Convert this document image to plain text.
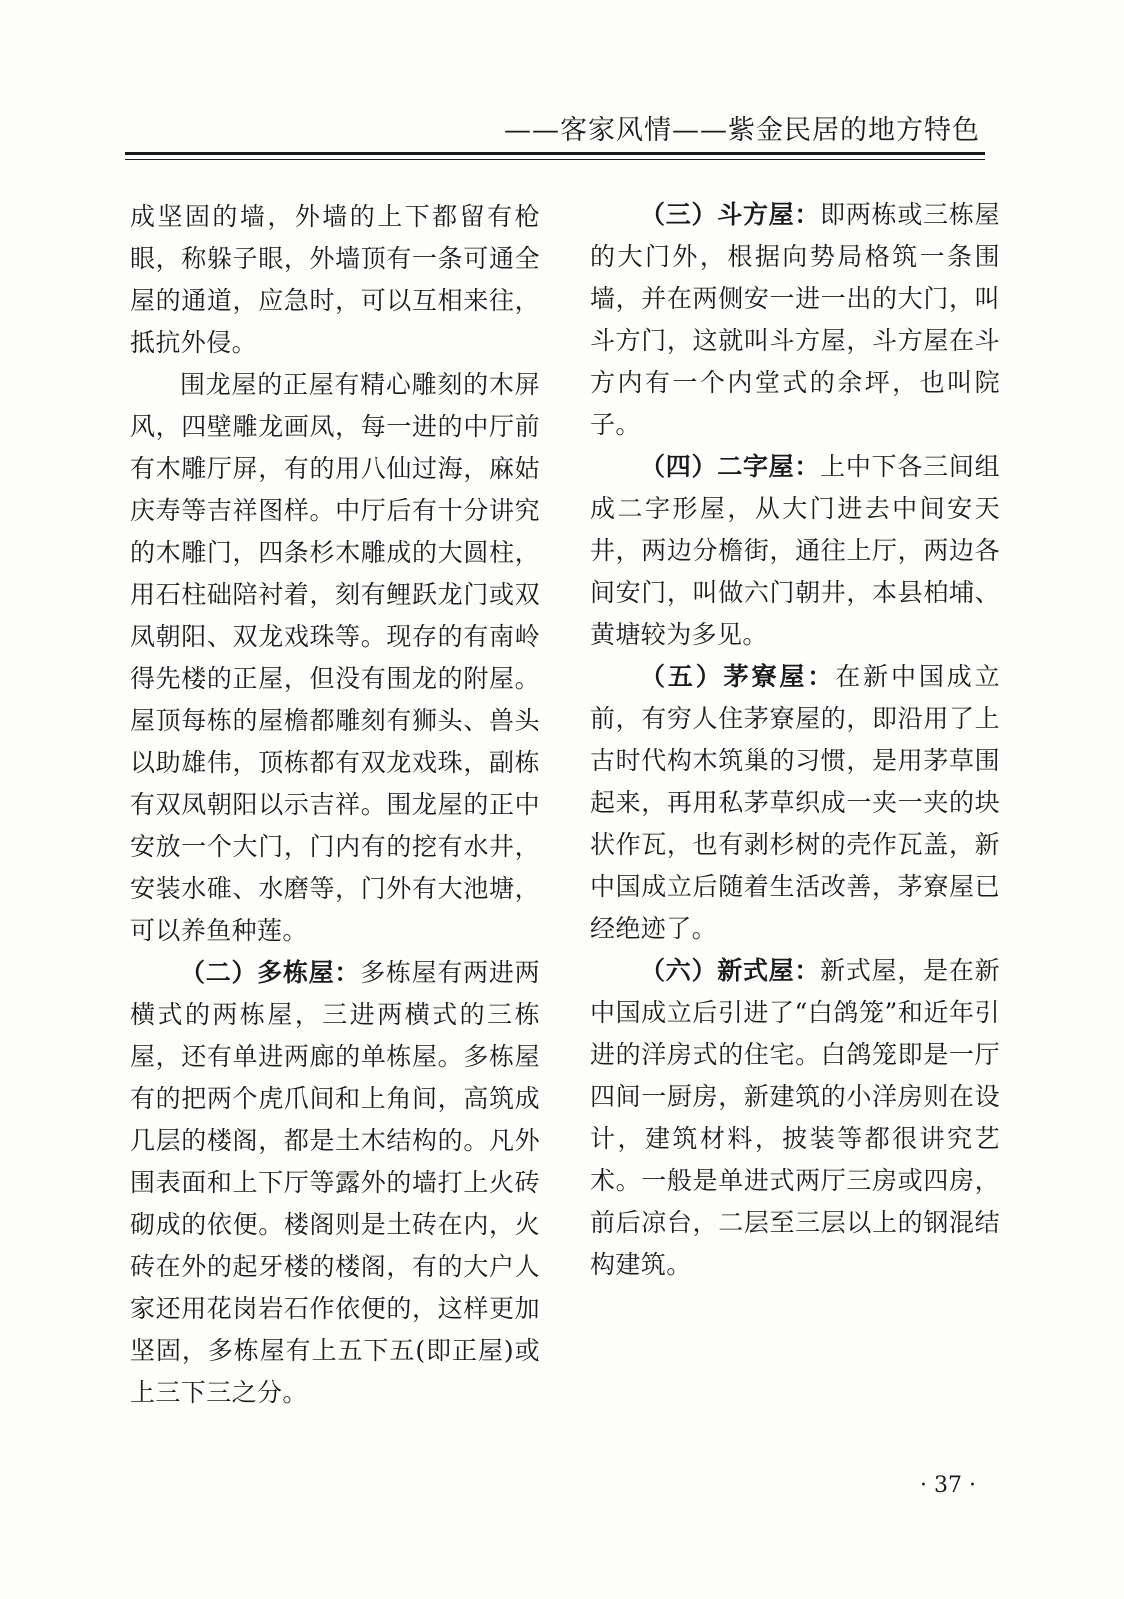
——客家风情——紫金民居的地方特色

成坚固的墙，外墙的上下都留有枪眼，称躲子眼，外墙顶有一条可通全屋的通道，应急时，可以互相来往，抵抗外侵。

围龙屋的正屋有精心雕刻的木屏风，四壁雕龙画凤，每一进的中厅前有木雕厅屏，有的用八仙过海，麻姑庆寿等吉祥图样。中厅后有十分讲究的木雕门，四条杉木雕成的大圆柱，用石柱础陪衬着，刻有鲤跃龙门或双凤朝阳、双龙戏珠等。现存的有南岭得先楼的正屋，但没有围龙的附屋。屋顶每栋的屋檐都雕刻有狮头、兽头以助雄伟，顶栋都有双龙戏珠，副栋有双凤朝阳以示吉祥。围龙屋的正中安放一个大门，门内有的挖有水井，安装水碓、水磨等，门外有大池塘，可以养鱼种莲。

（二）多栋屋：多栋屋有两进两横式的两栋屋，三进两横式的三栋屋，还有单进两廊的单栋屋。多栋屋有的把两个虎爪间和上角间，高筑成几层的楼阁，都是土木结构的。凡外围表面和上下厅等露外的墙打上火砖砌成的依便。楼阁则是土砖在内，火砖在外的起牙楼的楼阁，有的大户人家还用花岗岩石作依便的，这样更加坚固，多栋屋有上五下五(即正屋)或上三下三之分。

（三）斗方屋：即两栋或三栋屋的大门外，根据向势局格筑一条围墙，并在两侧安一进一出的大门，叫斗方门，这就叫斗方屋，斗方屋在斗方内有一个内堂式的余坪，也叫院子。

（四）二字屋：上中下各三间组成二字形屋，从大门进去中间安天井，两边分檐街，通往上厅，两边各间安门，叫做六门朝井，本县柏埔、黄塘较为多见。

（五）茅寮屋：在新中国成立前，有穷人住茅寮屋的，即沿用了上古时代构木筑巢的习惯，是用茅草围起来，再用私茅草织成一夹一夹的块状作瓦，也有剥杉树的壳作瓦盖，新中国成立后随着生活改善，茅寮屋已经绝迹了。

（六）新式屋：新式屋，是在新中国成立后引进了“白鸽笼”和近年引进的洋房式的住宅。白鸽笼即是一厅四间一厨房，新建筑的小洋房则在设计，建筑材料，披装等都很讲究艺术。一般是单进式两厅三房或四房，前后凉台，二层至三层以上的钢混结构建筑。

· 37 ·
